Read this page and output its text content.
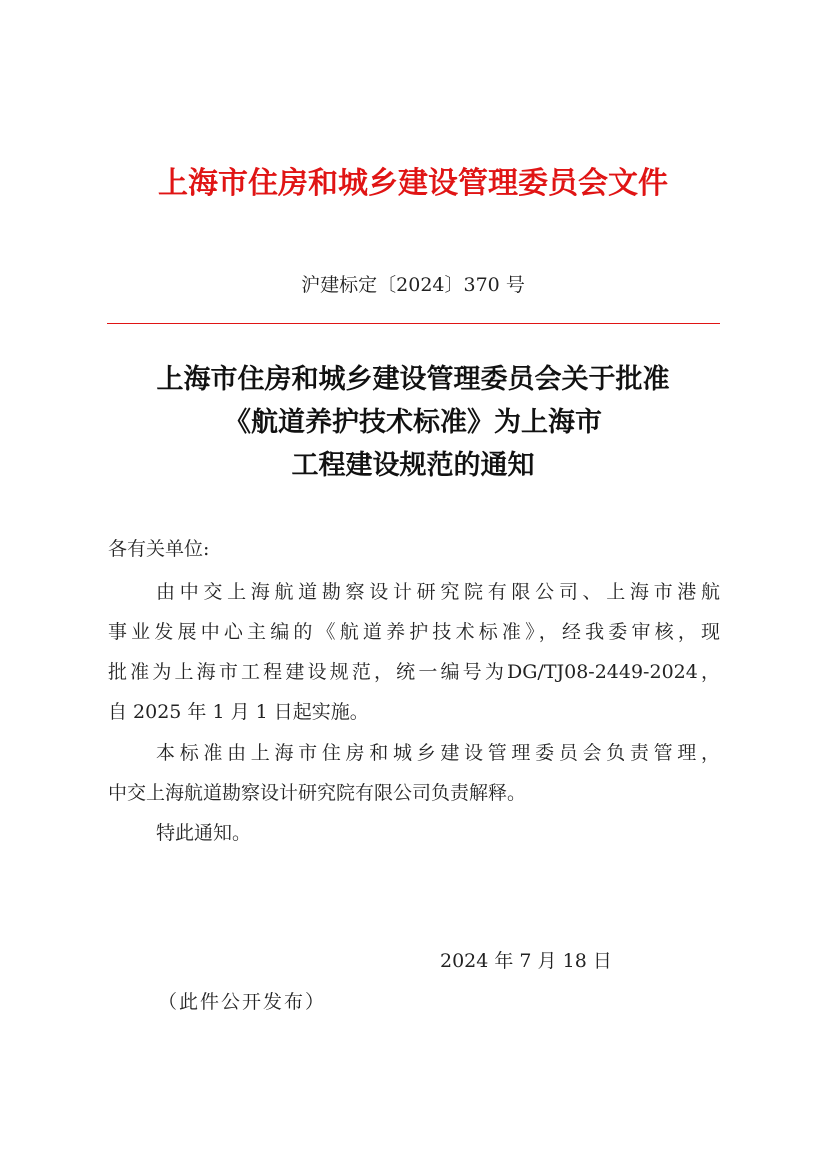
上海市住房和城乡建设管理委员会文件
沪建标定〔2024〕370 号
上海市住房和城乡建设管理委员会关于批准
《航道养护技术标准》为上海市
工程建设规范的通知
各有关单位:
由中交上海航道勘察设计研究院有限公司、上海市港航
事业发展中心主编的《航道养护技术标准》，经我委审核，现
批准为上海市工程建设规范，统一编号为DG/TJ08-2449-2024，
自 2025 年 1 月 1 日起实施。
本标准由上海市住房和城乡建设管理委员会负责管理，
中交上海航道勘察设计研究院有限公司负责解释。
特此通知。
2024 年 7 月 18 日
（此件公开发布）
